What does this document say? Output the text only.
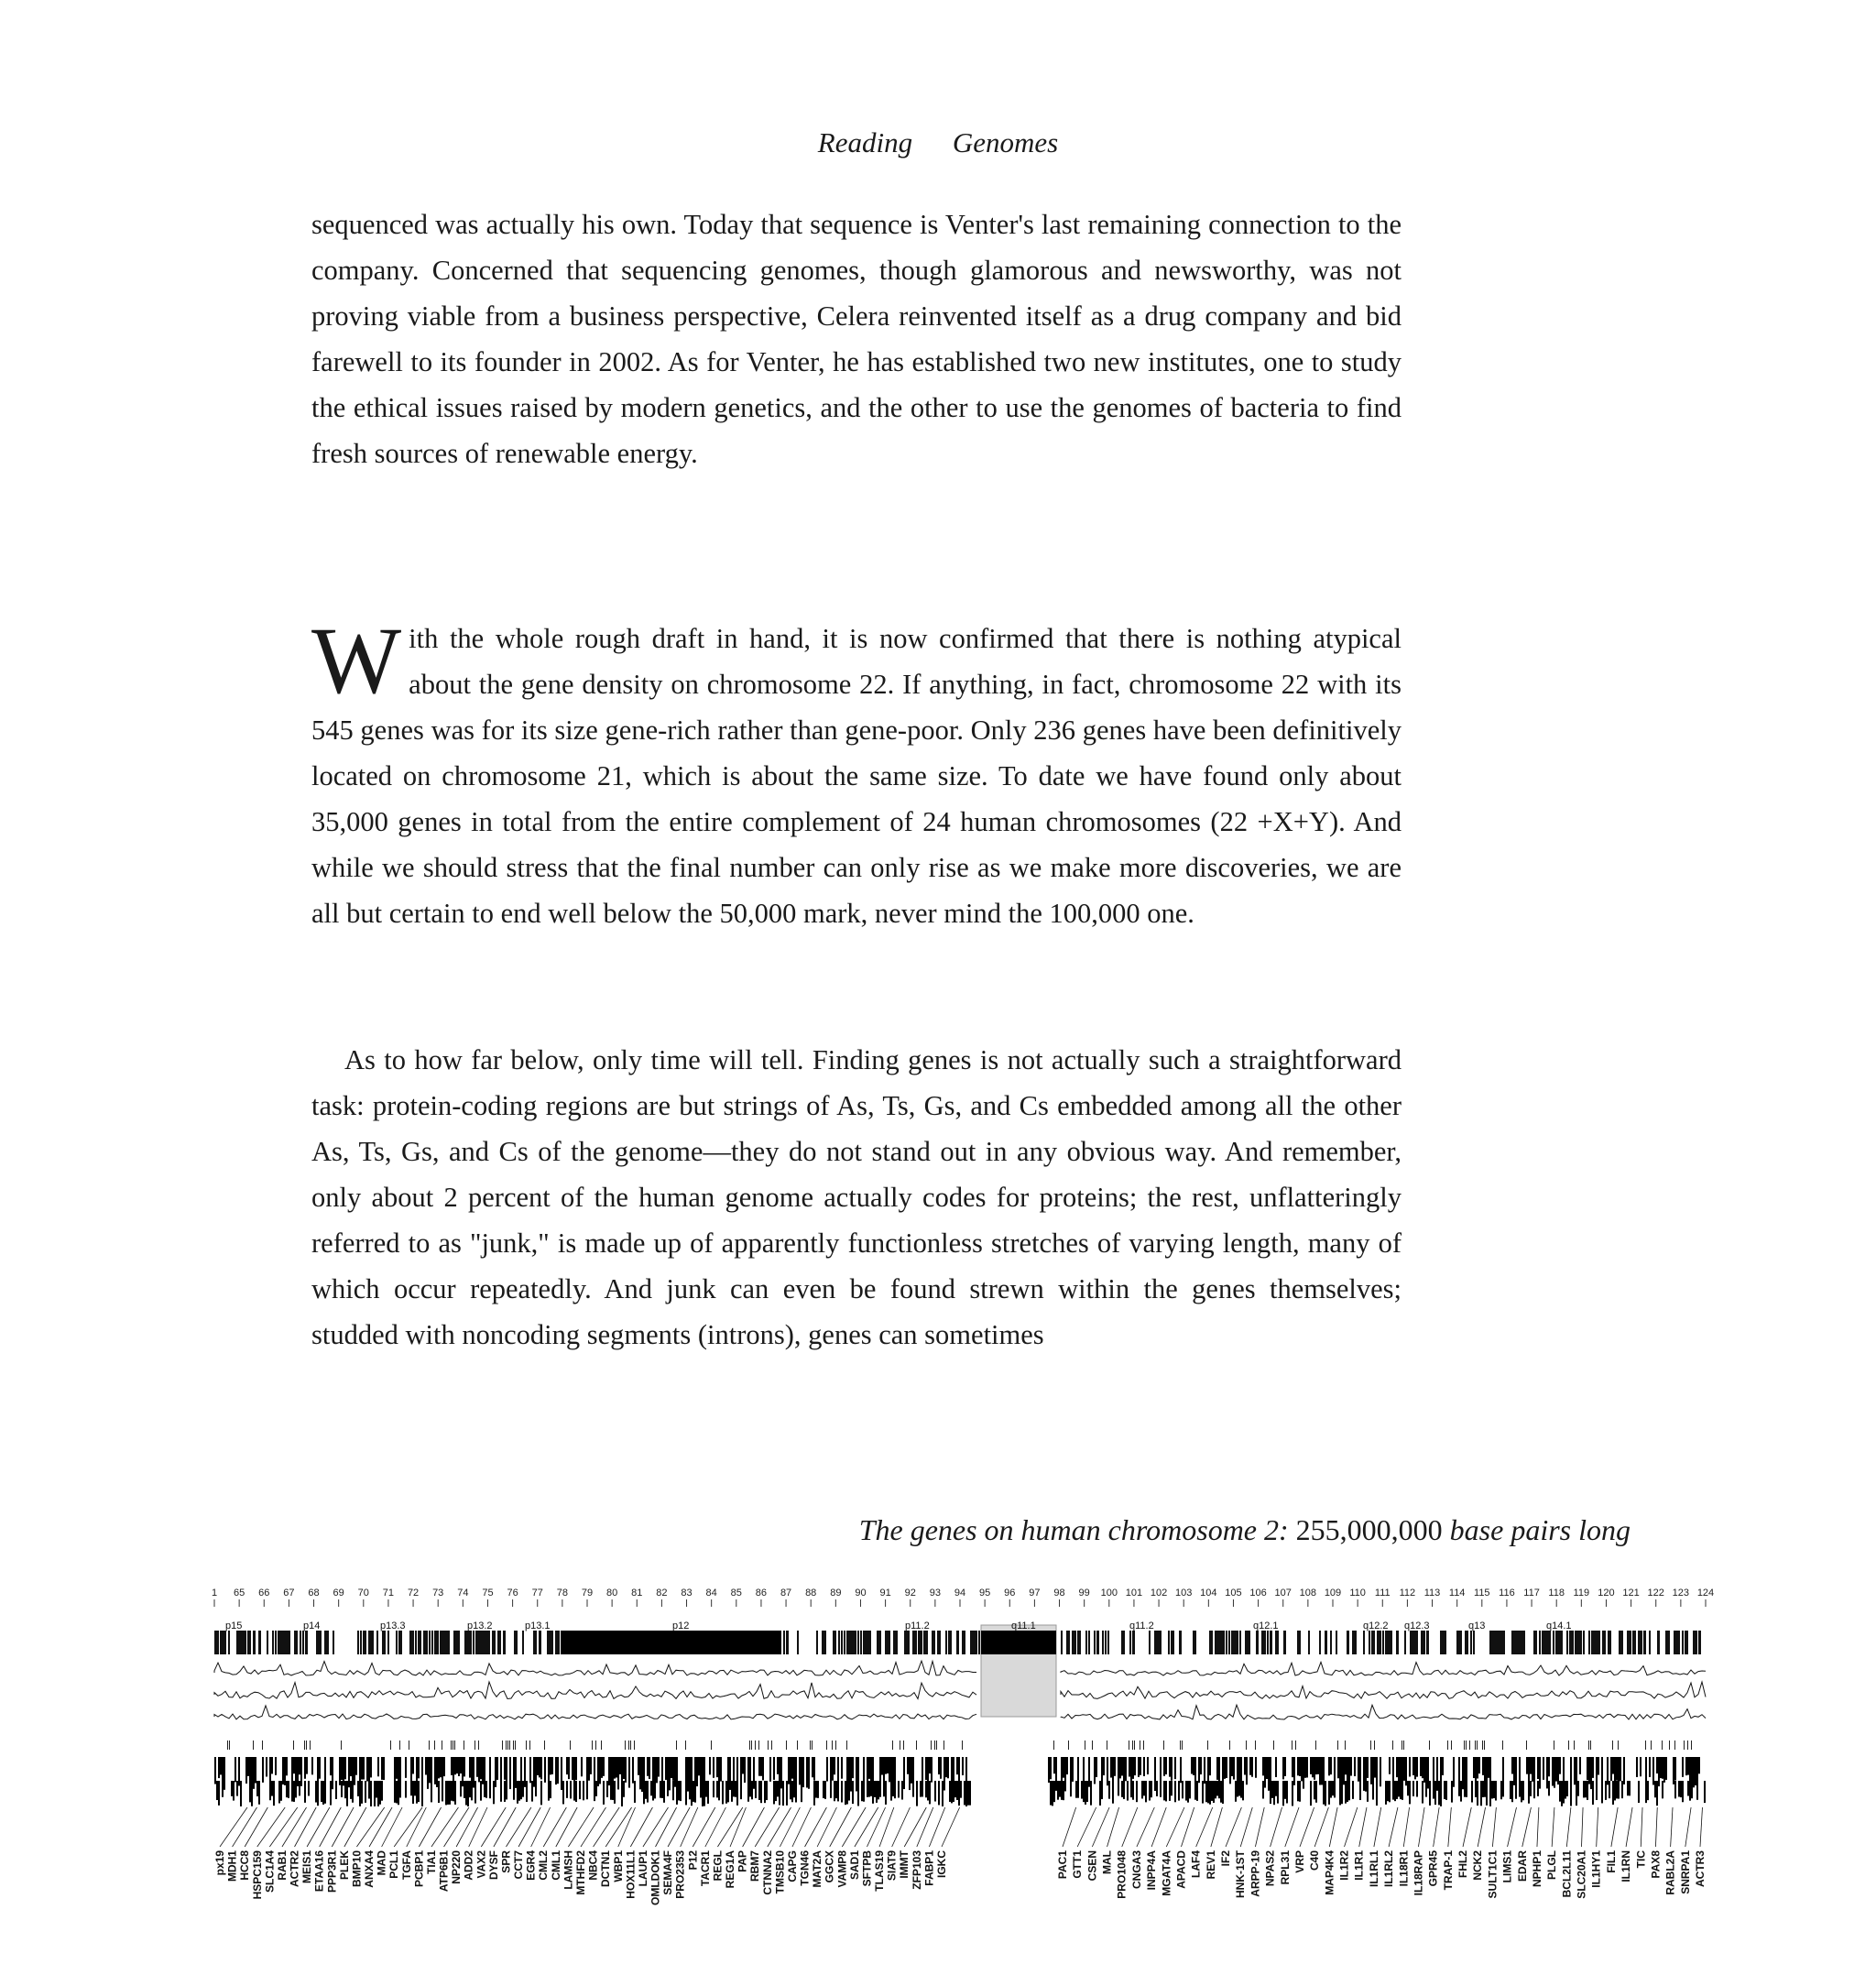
Reading Genomes
sequenced was actually his own. Today that sequence is Venter's last remaining connection to the company. Concerned that sequencing genomes, though glamorous and newsworthy, was not proving viable from a business perspective, Celera reinvented itself as a drug company and bid farewell to its founder in 2002. As for Venter, he has established two new institutes, one to study the ethical issues raised by modern genetics, and the other to use the genomes of bacteria to find fresh sources of renewable energy.
With the whole rough draft in hand, it is now confirmed that there is nothing atypical about the gene density on chromosome 22. If anything, in fact, chromosome 22 with its 545 genes was for its size gene-rich rather than gene-poor. Only 236 genes have been definitively located on chromosome 21, which is about the same size. To date we have found only about 35,000 genes in total from the entire complement of 24 human chromosomes (22 +X+Y). And while we should stress that the final number can only rise as we make more discoveries, we are all but certain to end well below the 50,000 mark, never mind the 100,000 one.
As to how far below, only time will tell. Finding genes is not actually such a straightforward task: protein-coding regions are but strings of As, Ts, Gs, and Cs embedded among all the other As, Ts, Gs, and Cs of the genome—they do not stand out in any obvious way. And remember, only about 2 percent of the human genome actually codes for proteins; the rest, unflatteringly referred to as "junk," is made up of apparently functionless stretches of varying length, many of which occur repeatedly. And junk can even be found strewn within the genes themselves; studded with noncoding segments (introns), genes can sometimes
The genes on human chromosome 2: 255,000,000 base pairs long
1 65 66 67 68 69 70 71 72 73 74 75 76 77 78 79 80 81 82 83 84 85 86 87 88 89 90 91 92 93 94 95 96 97 98 99 100 101 102 103 104 105 106 107 108 109 110 111 112 113 114 115 116 117 118 119 120 121 122 123 124
p15	p14	p13.3	p13.2	p13.1	p12	p11.2	q11.1	q11.2	q12.1	q12.2 q12.3	q13	q14.1
px19 MDH1 HCC8 HSPC159 SLC1A4 RAB1 ACTR2 MEIS1 ETAA16 PPP3R1 PLEK BMP10 ANXA4 MAD PCL1 TGFA PCBP1 TIA1 ATP6B1 NP220 ADD2 VAX2 DYSF SPR CCT7 EGR4 CML2 CML1 LAMSH MTHFD2 NBC4 DCTN1 WBP1 HOX11L1 LAUP1 OMLDOK1 SEMA4F PRO2353 P12 TACR1 REGL REG1A PAP RBM7 CTNNA2 TMSB10 CAPG TGN46 MAT2A GGCX VAMP8 SAD1 SFTPB TLAS19 SIAT9 IMMT ZFP103 FABP1 IGKC	PAC1 GTT1 CSEN MAL PRO1048 CNGA3 INPP4A MGAT4A APACD LAF4 REV1 IF2 HNK-1ST ARPP-19 NPAS2 RPL31 VRP C40 MAP4K4 IL1R2 IL1R1 IL1RL1 IL1RL2 IL18R1 IL18RAP GPR45 TRAP-1 FHL2 NCK2 SULT1C1 LIMS1 EDAR NPHP1 PLGL BCL2L11 SLC20A1 IL1HY1 FIL1 IL1RN TIC PAX8 RABL2A SNRPA1 ACTR3
